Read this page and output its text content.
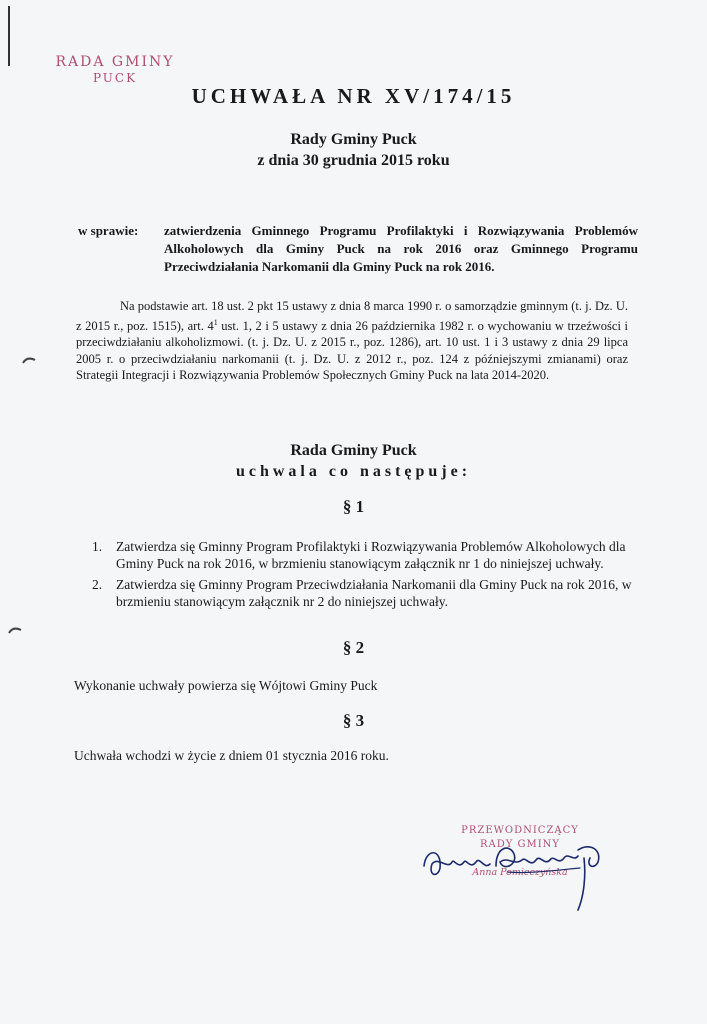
RADA GMINY
PUCK
UCHWAŁA NR XV/174/15
Rady Gminy Puck
z dnia 30 grudnia 2015 roku
w sprawie: zatwierdzenia Gminnego Programu Profilaktyki i Rozwiązywania Problemów Alkoholowych dla Gminy Puck na rok 2016 oraz Gminnego Programu Przeciwdziałania Narkomanii dla Gminy Puck na rok 2016.
Na podstawie art. 18 ust. 2 pkt 15 ustawy z dnia 8 marca 1990 r. o samorządzie gminnym (t. j. Dz. U. z 2015 r., poz. 1515), art. $4^1$ ust. 1, 2 i 5 ustawy z dnia 26 października 1982 r. o wychowaniu w trzeźwości i przeciwdziałaniu alkoholizmowi. (t. j. Dz. U. z 2015 r., poz. 1286), art. 10 ust. 1 i 3 ustawy z dnia 29 lipca 2005 r. o przeciwdziałaniu narkomanii (t. j. Dz. U. z 2012 r., poz. 124 z późniejszymi zmianami) oraz Strategii Integracji i Rozwiązywania Problemów Społecznych Gminy Puck na lata 2014-2020.
Rada Gminy Puck
uchwala co następuje:
§ 1
1.	Zatwierdza się Gminny Program Profilaktyki i Rozwiązywania Problemów Alkoholowych dla Gminy Puck na rok 2016, w brzmieniu stanowiącym załącznik nr 1 do niniejszej uchwały.
2.	Zatwierdza się Gminny Program Przeciwdziałania Narkomanii dla Gminy Puck na rok 2016, w brzmieniu stanowiącym załącznik nr 2 do niniejszej uchwały.
§ 2
Wykonanie uchwały powierza się Wójtowi Gminy Puck
§ 3
Uchwała wchodzi w życie z dniem 01 stycznia 2016 roku.
PRZEWODNICZĄCY
RADY GMINY
Anna Pomieczyńska
